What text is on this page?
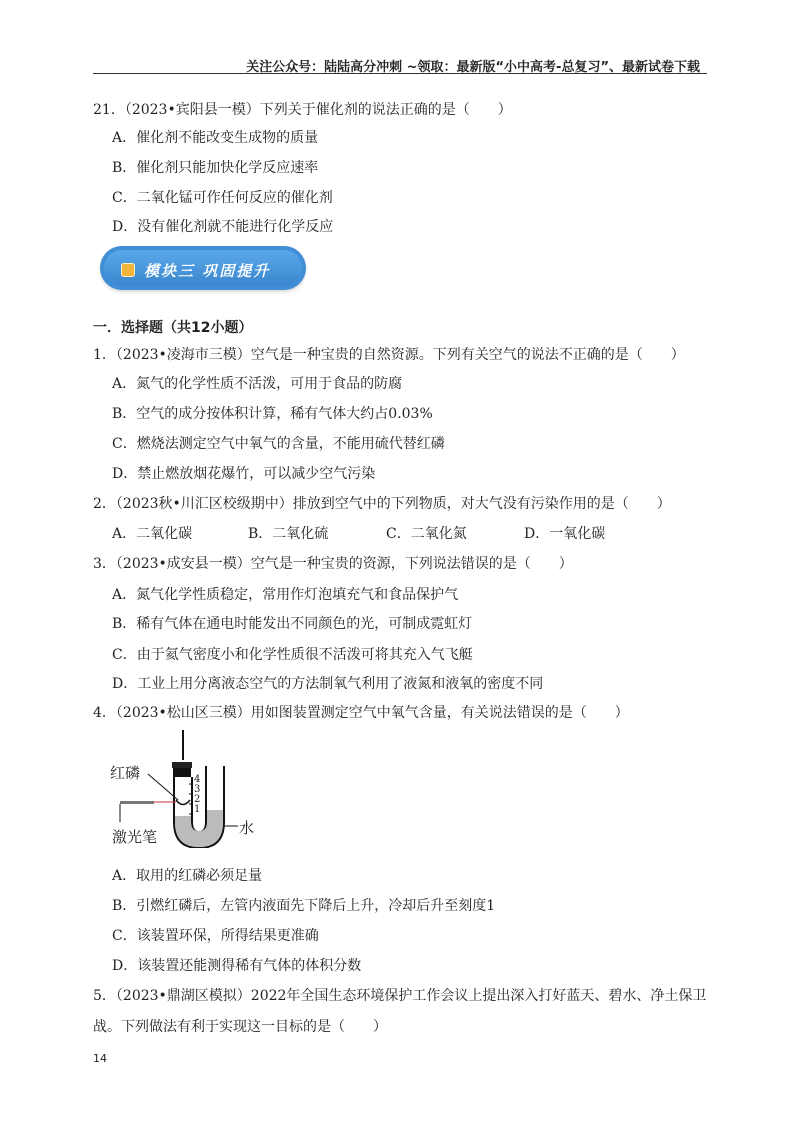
关注公众号：陆陆高分冲刺 ~领取：最新版“小中高考-总复习”、最新试卷下载
21．（2023•宾阳县一模）下列关于催化剂的说法正确的是（　　）
A．催化剂不能改变生成物的质量
B．催化剂只能加快化学反应速率
C．二氧化锰可作任何反应的催化剂
D．没有催化剂就不能进行化学反应
模块三 巩固提升
一．选择题（共12小题）
1．（2023•凌海市三模）空气是一种宝贵的自然资源。下列有关空气的说法不正确的是（　　）
A．氮气的化学性质不活泼，可用于食品的防腐
B．空气的成分按体积计算，稀有气体大约占0.03%
C．燃烧法测定空气中氧气的含量，不能用硫代替红磷
D．禁止燃放烟花爆竹，可以减少空气污染
2．（2023秋•川汇区校级期中）排放到空气中的下列物质，对大气没有污染作用的是（　　）
A．二氧化碳	B．二氧化硫	C．二氧化氮	D．一氧化碳
3．（2023•成安县一模）空气是一种宝贵的资源，下列说法错误的是（　　）
A．氮气化学性质稳定，常用作灯泡填充气和食品保护气
B．稀有气体在通电时能发出不同颜色的光，可制成霓虹灯
C．由于氦气密度小和化学性质很不活泼可将其充入气飞艇
D．工业上用分离液态空气的方法制氧气利用了液氮和液氧的密度不同
4．（2023•松山区三模）用如图装置测定空气中氧气含量，有关说法错误的是（　　）
红磷
激光笔	水
4
3
2
1
A．取用的红磷必须足量
B．引燃红磷后，左管内液面先下降后上升，冷却后升至刻度1
C．该装置环保，所得结果更准确
D．该装置还能测得稀有气体的体积分数
5．（2023•鼎湖区模拟）2022年全国生态环境保护工作会议上提出深入打好蓝天、碧水、净土保卫
战。下列做法有利于实现这一目标的是（　　）
14
